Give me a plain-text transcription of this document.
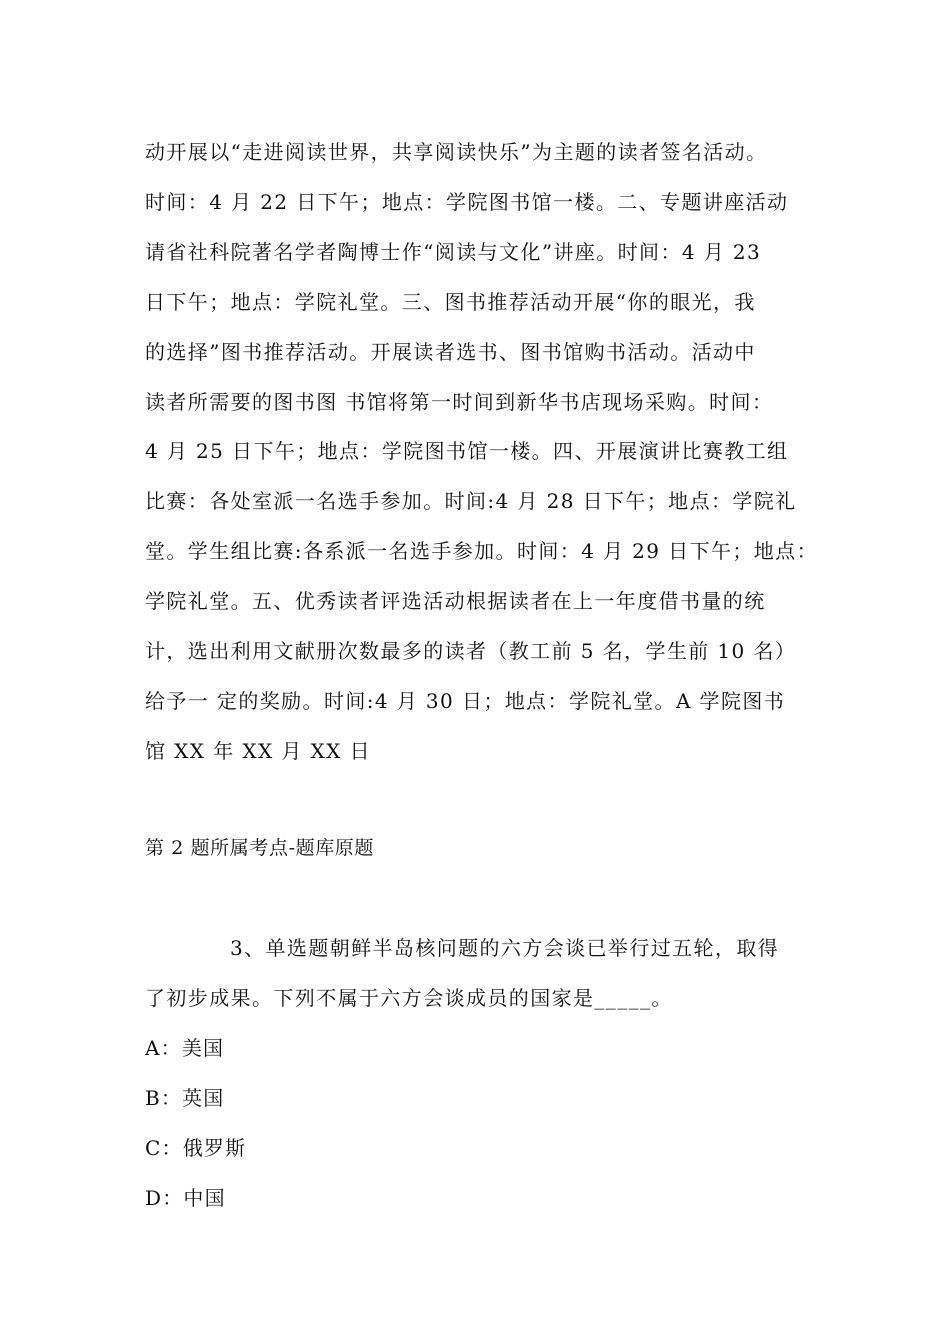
动开展以“走进阅读世界，共享阅读快乐”为主题的读者签名活动。
时间：4 月 22 日下午；地点：学院图书馆一楼。二、专题讲座活动
请省社科院著名学者陶博士作“阅读与文化”讲座。时间：4 月 23
日下午；地点：学院礼堂。三、图书推荐活动开展“你的眼光，我
的选择”图书推荐活动。开展读者选书、图书馆购书活动。活动中
读者所需要的图书图 书馆将第一时间到新华书店现场采购。时间：
4 月 25 日下午；地点：学院图书馆一楼。四、开展演讲比赛教工组
比赛：各处室派一名选手参加。时间:4 月 28 日下午；地点：学院礼
堂。学生组比赛:各系派一名选手参加。时间：4 月 29 日下午；地点：
学院礼堂。五、优秀读者评选活动根据读者在上一年度借书量的统
计，选出利用文献册次数最多的读者（教工前 5 名，学生前 10 名）
给予一 定的奖励。时间:4 月 30 日；地点：学院礼堂。A 学院图书
馆 XX 年 XX 月 XX 日
第 2 题所属考点-题库原题
3、单选题朝鲜半岛核问题的六方会谈已举行过五轮，取得
了初步成果。下列不属于六方会谈成员的国家是_____。
A：美国
B：英国
C：俄罗斯
D：中国
